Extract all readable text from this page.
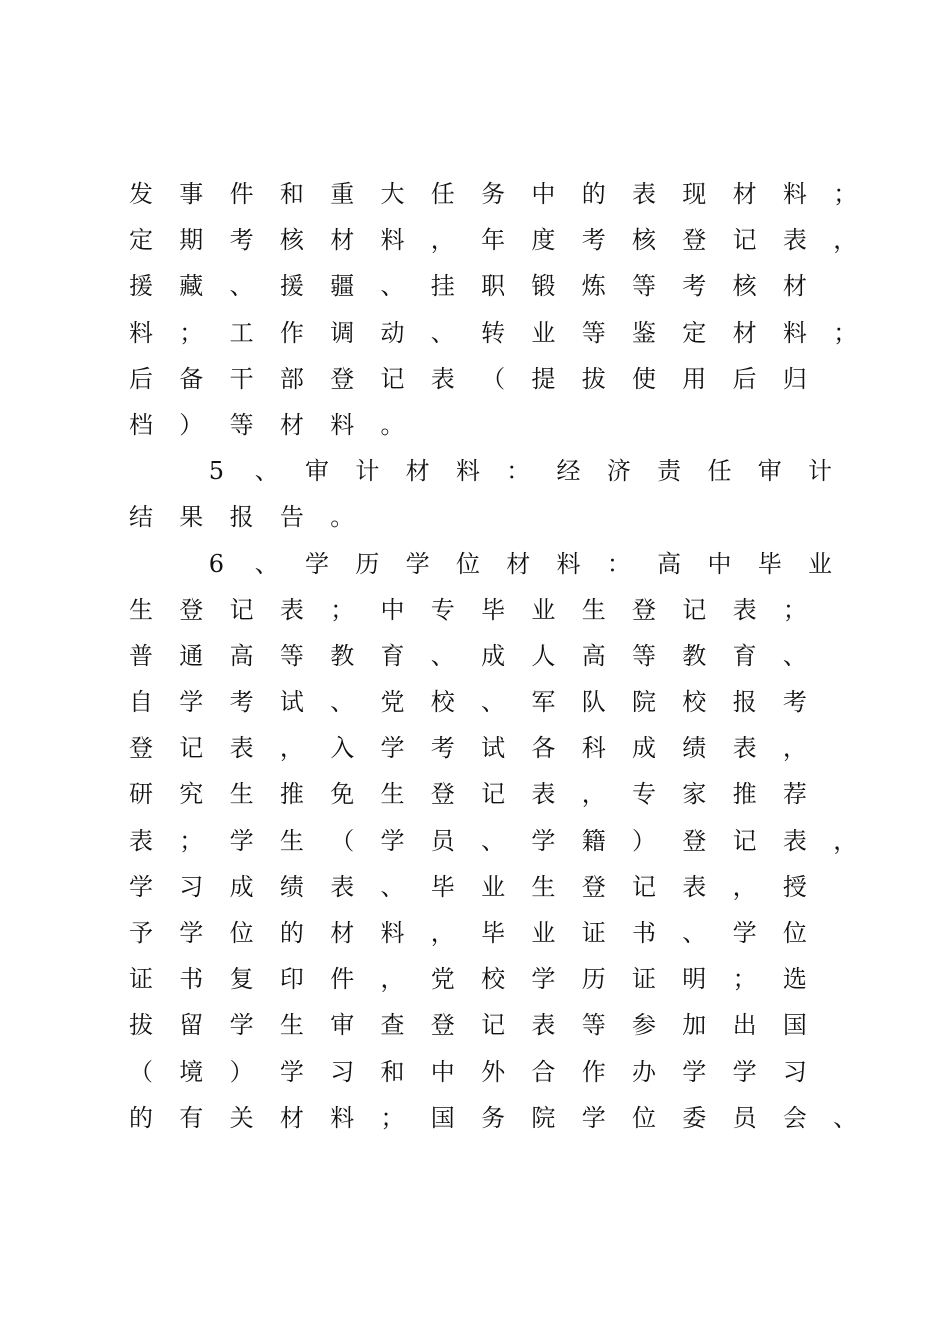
发 事 件 和 重 大 任 务 中 的 表 现 材 料 ；
定 期 考 核 材 料 ， 年 度 考 核 登 记 表 ，
援 藏 、 援 疆 、 挂 职 锻 炼 等 考 核 材
料 ； 工 作 调 动 、 转 业 等 鉴 定 材 料 ；
后 备 干 部 登 记 表 （ 提 拔 使 用 后 归
档 ） 等 材 料 。
5 、 审 计 材 料 ： 经 济 责 任 审 计
结 果 报 告 。
6 、 学 历 学 位 材 料 ： 高 中 毕 业
生 登 记 表 ； 中 专 毕 业 生 登 记 表 ；
普 通 高 等 教 育 、 成 人 高 等 教 育 、
自 学 考 试 、 党 校 、 军 队 院 校 报 考
登 记 表 ， 入 学 考 试 各 科 成 绩 表 ，
研 究 生 推 免 生 登 记 表 ， 专 家 推 荐
表 ； 学 生 （ 学 员 、 学 籍 ） 登 记 表 ，
学 习 成 绩 表 、 毕 业 生 登 记 表 ， 授
予 学 位 的 材 料 ， 毕 业 证 书 、 学 位
证 书 复 印 件 ， 党 校 学 历 证 明 ； 选
拔 留 学 生 审 查 登 记 表 等 参 加 出 国
（ 境 ） 学 习 和 中 外 合 作 办 学 学 习
的 有 关 材 料 ； 国 务 院 学 位 委 员 会 、
